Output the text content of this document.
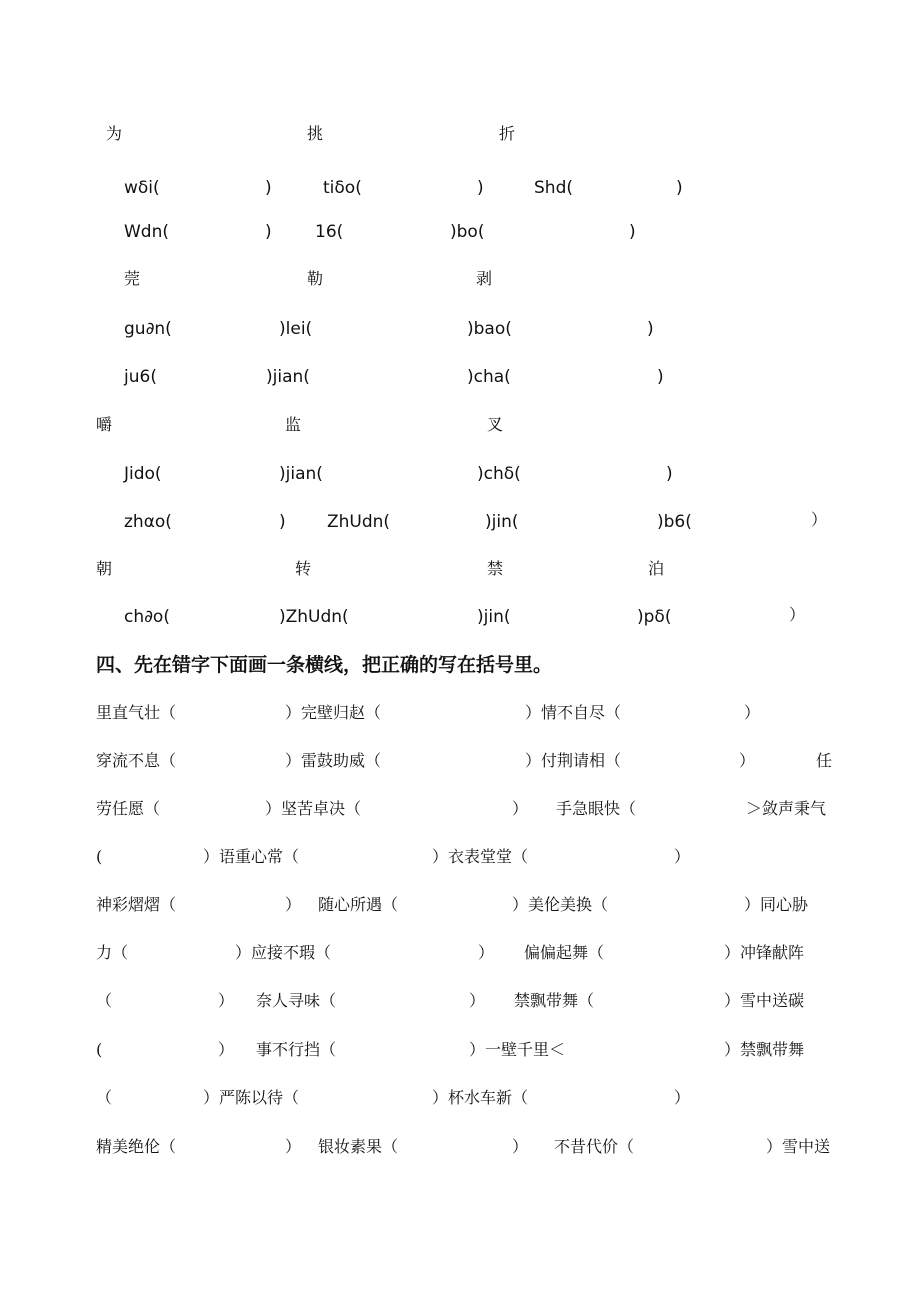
为	挑	折
wδi(	)	tiδo(	)	Shd(	)
Wdn(	)	16(	)bo(	)
莞	勒	剥
gu∂n(	)lei(	)bao(	)
ju6(	)jian(	)cha(	)
嚼	监	叉
Jido(	)jian(	)chδ(	)
zhαo(	) ZhUdn(	)jin(	)b6(	）
朝	转	禁	泊
ch∂o(	)ZhUdn(	)jin(	)pδ(	）
四、先在错字下面画一条横线，把正确的写在括号里。
里直气壮（	）完壁归赵（	）情不自尽（	）
穿流不息（	）雷鼓助威（	）付荆请相（	）	任
劳任愿（	）坚苦卓决（	） 手急眼快（	＞敛声秉气
(	）语重心常（	）衣表堂堂（	）
神彩熠熠（	） 随心所遇（	）美伦美换（	）同心胁
力（	）应接不瑕（	） 偏偏起舞（	）冲锋献阵
（	） 奈人寻味（	） 禁飘带舞（	）雪中送碳
(	） 事不行挡（	）一壁千里＜	）禁飘带舞
（	）严陈以待（	）杯水车新（	）
精美绝伦（	） 银妆素果（	） 不昔代价（	）雪中送
